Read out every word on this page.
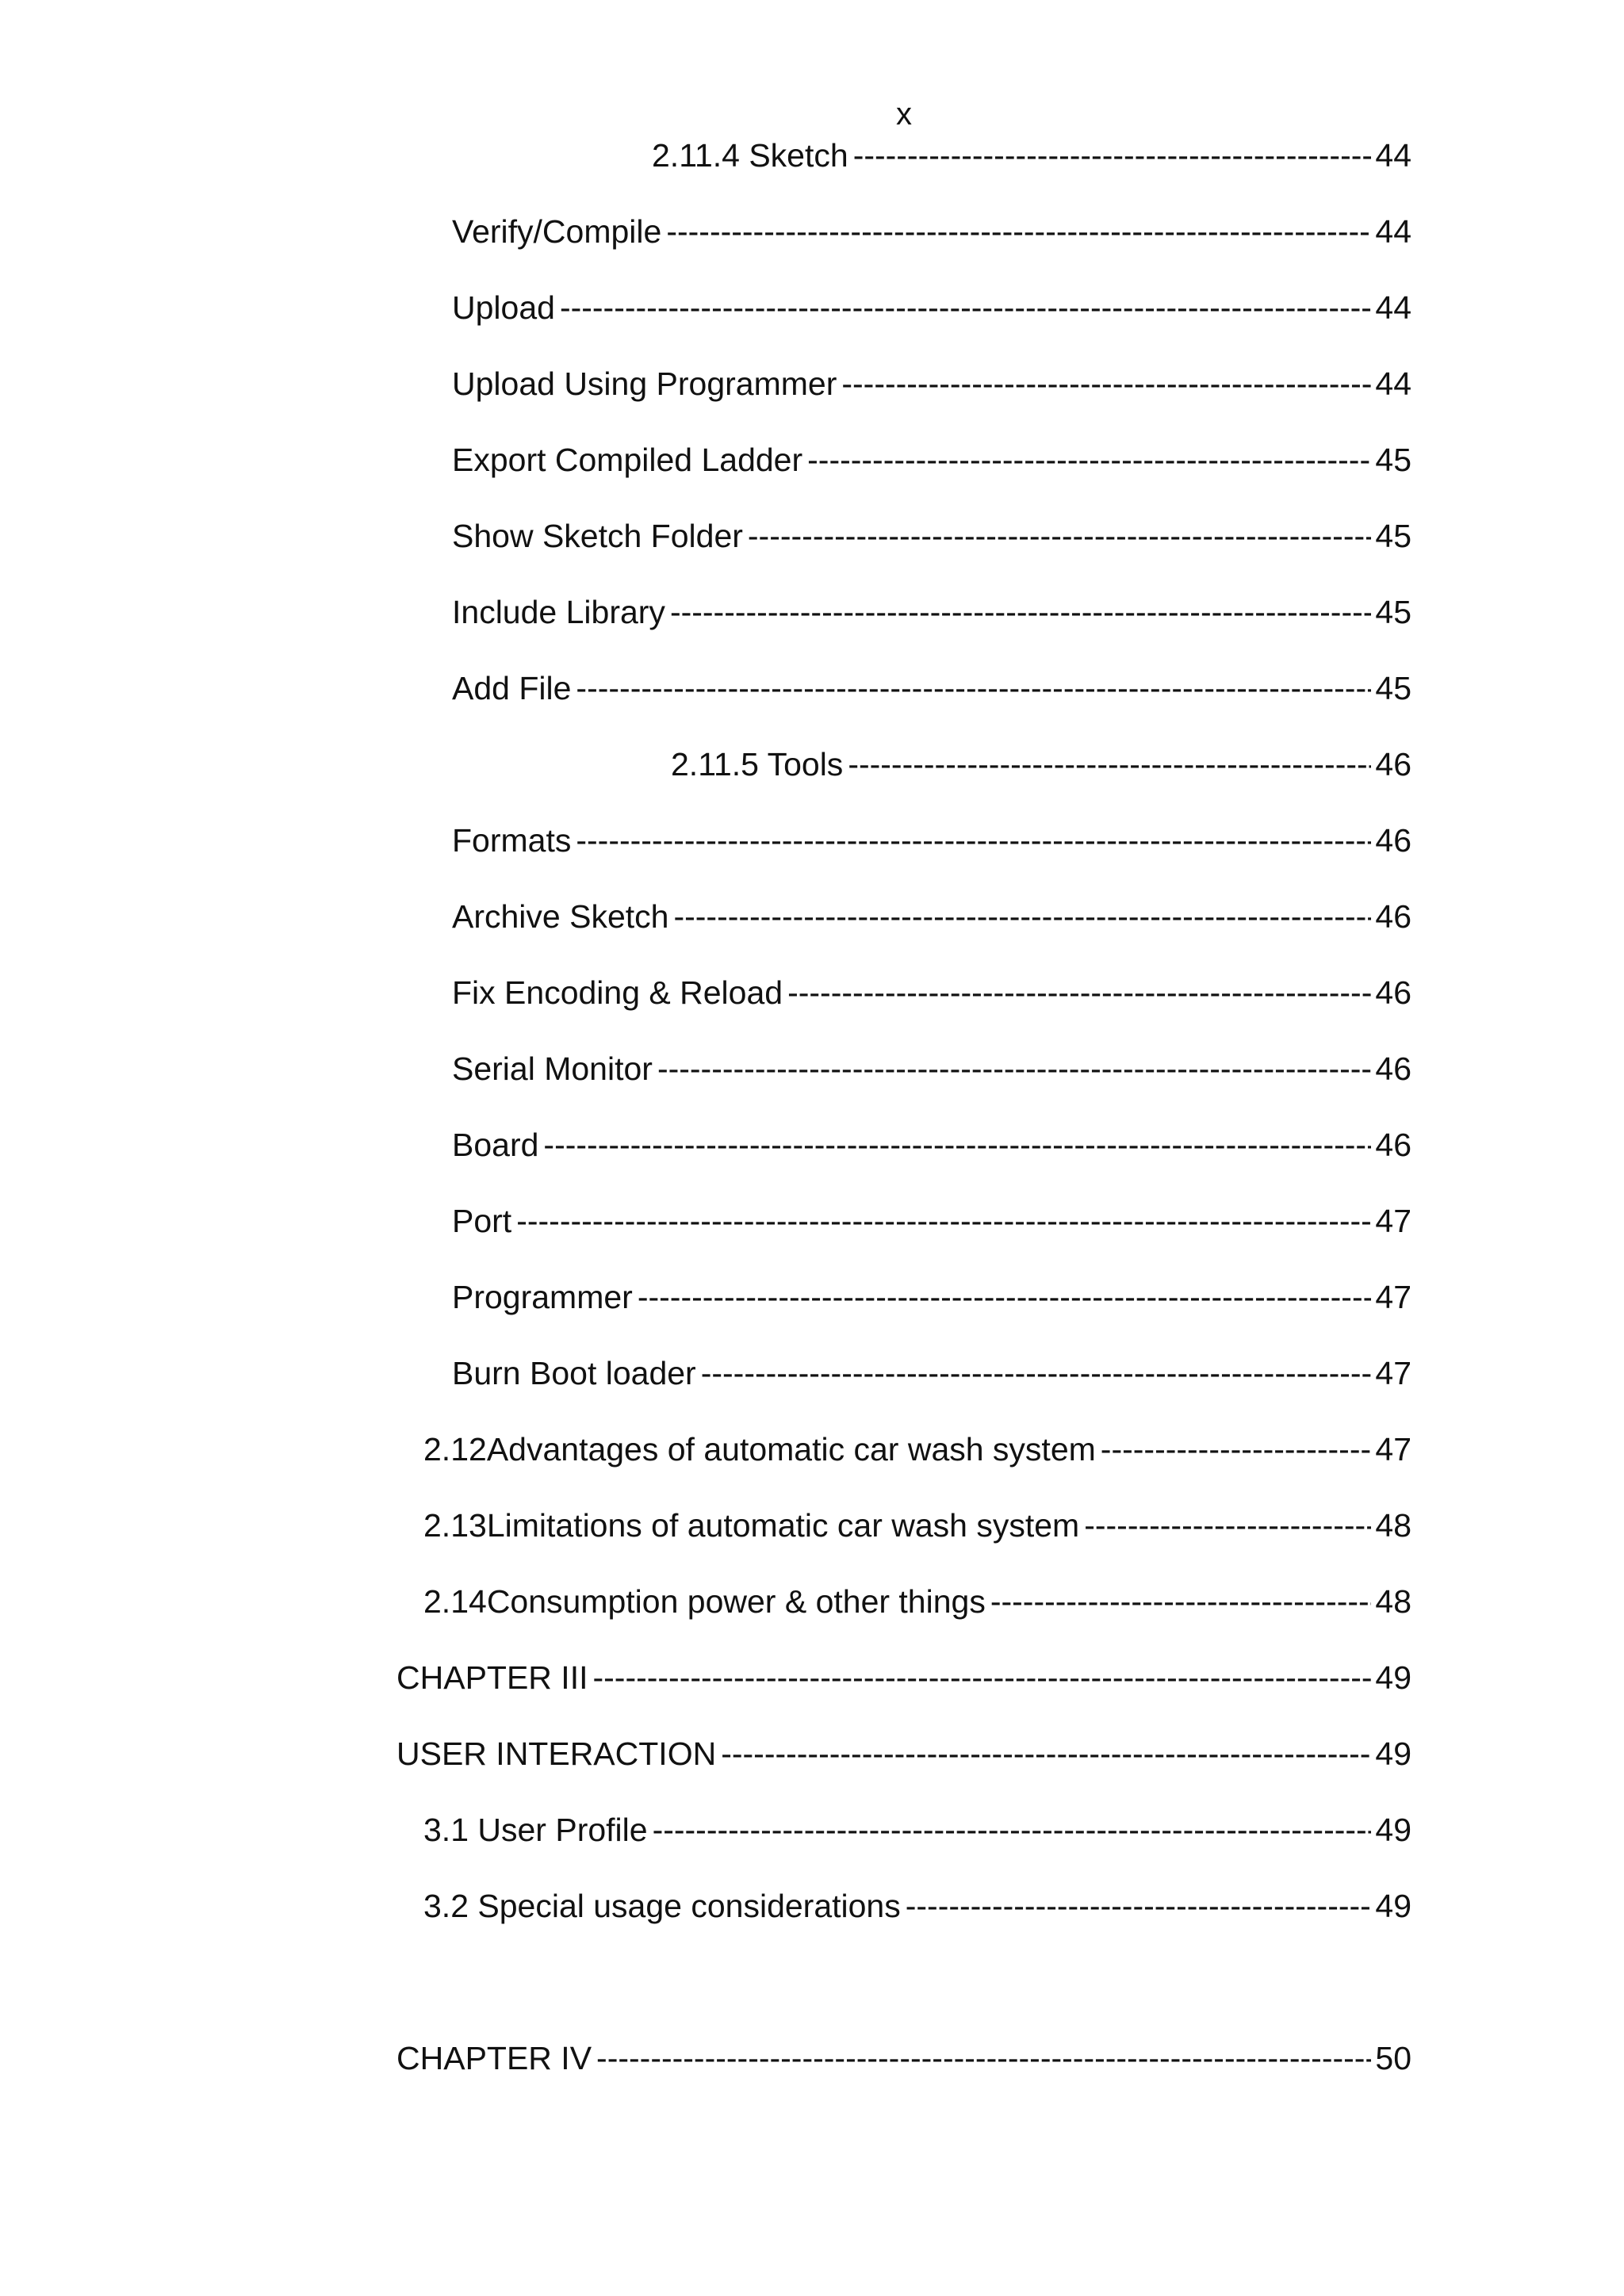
x
2.11.4 Sketch -----	44
Verify/Compile -----	44
Upload -----	44
Upload Using Programmer -----	44
Export Compiled Ladder -----	45
Show Sketch Folder -----	45
Include Library -----	45
Add File -----	45
2.11.5 Tools -----	46
Formats -----	46
Archive Sketch -----	46
Fix Encoding & Reload -----	46
Serial Monitor -----	46
Board -----	46
Port -----	47
Programmer -----	47
Burn Boot loader -----	47
2.12 Advantages of automatic car wash system -----	47
2.13 Limitations of automatic car wash system -----	48
2.14 Consumption power & other things -----	48
CHAPTER III -----	49
USER INTERACTION -----	49
3.1 User Profile -----	49
3.2 Special usage considerations -----	49
CHAPTER IV -----	50
